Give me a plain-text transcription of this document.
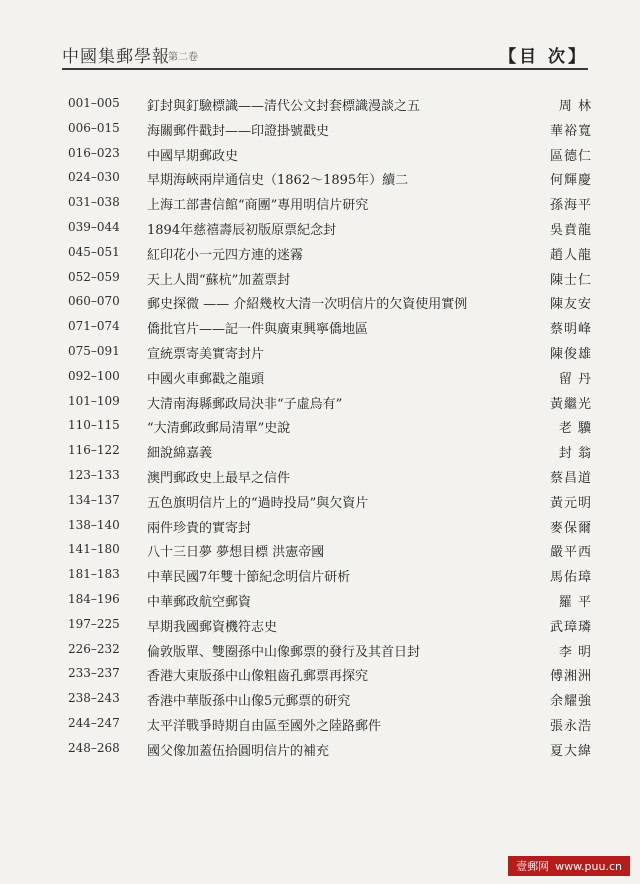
中國集郵學報
第二卷	【目 次】
001–005 釘封與釘驗標識——清代公文封套標識漫談之五	周 林
006–015 海關郵件戳封——印證掛號戳史	華裕寬
016–023 中國早期郵政史	區德仁
024–030 早期海峽兩岸通信史（1862～1895年）續二	何輝慶
031–038 上海工部書信館“商團”專用明信片研究	孫海平
039–044 1894年慈禧壽辰初版原票紀念封	吳賁龍
045–051 紅印花小一元四方連的迷霧	趙人龍
052–059 天上人間“蘇杭”加蓋票封	陳士仁
060–070 郵史探微 —— 介紹幾枚大清一次明信片的欠資使用實例	陳友安
071–074 僑批官片——記一件與廣東興寧僑地區	蔡明峰
075–091 宣統票寄美實寄封片	陳俊雄
092–100 中國火車郵戳之龍頭	留 丹
101–109 大清南海縣郵政局決非“子虛烏有”	黃繼光
110–115 “大清郵政郵局清單”史說	老 驥
116–122 細說綿嘉義	封 翁
123–133 澳門郵政史上最早之信件	蔡昌道
134–137 五色旗明信片上的“過時投局”與欠資片	黃元明
138–140 兩件珍貴的實寄封	麥保爾
141–180 八十三日夢 夢想目標 洪憲帝國	嚴平西
181–183 中華民國7年雙十節紀念明信片研析	馬佑璋
184–196 中華郵政航空郵資	羅 平
197–225 早期我國郵資機符志史	武璋璘
226–232 倫敦版單、雙圈孫中山像郵票的發行及其首日封	李 明
233–237 香港大東版孫中山像粗齒孔郵票再探究	傅湘洲
238–243 香港中華版孫中山像5元郵票的研究	余耀強
244–247 太平洋戰爭時期自由區至國外之陸路郵件	張永浩
248–268 國父像加蓋伍拾圓明信片的補充	夏大緯
壹郵网 www.puu.cn
